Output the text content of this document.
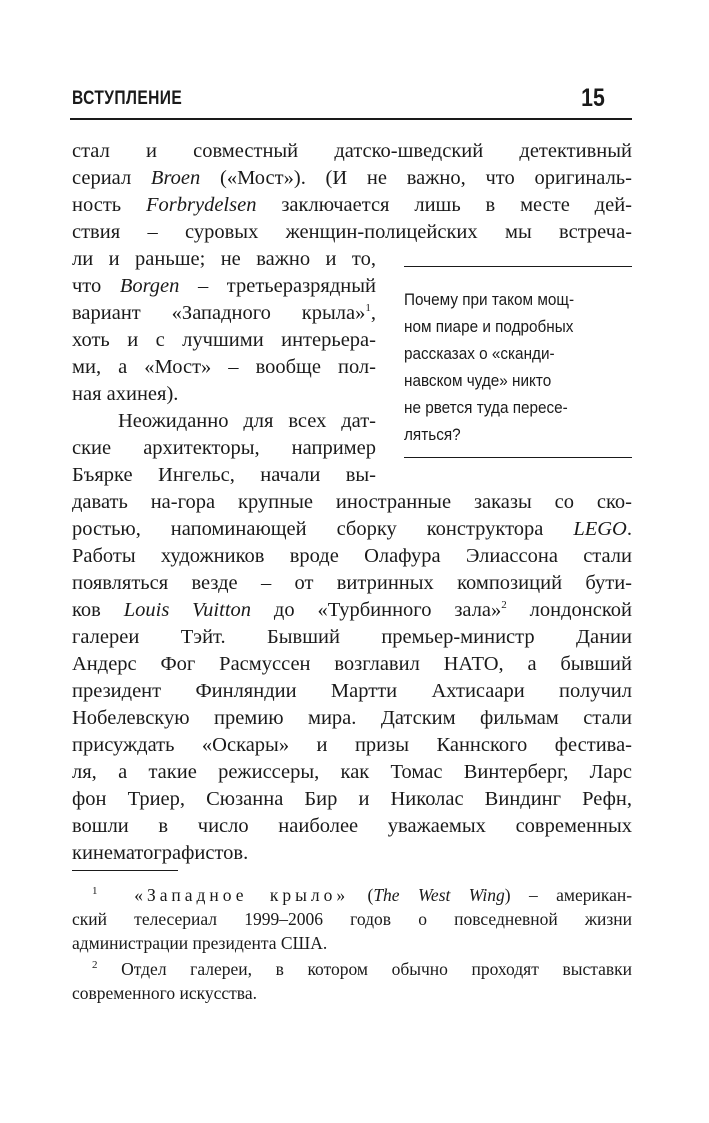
ВСТУПЛЕНИЕ	15
стал и совместный датско-шведский детективный
сериал Broen («Мост»). (И не важно, что оригиналь-
ность Forbrydelsen заключается лишь в месте дей-
ствия – суровых женщин-полицейских мы встреча-
ли и раньше; не важно и то,
что Borgen – третьеразрядный
вариант «Западного крыла»$^1$,
хоть и с лучшими интерьера-
ми, а «Мост» – вообще пол-
ная ахинея).
Неожиданно для всех дат-
ские архитекторы, например
Бъярке Ингельс, начали вы-
давать на-гора крупные иностранные заказы со ско-
ростью, напоминающей сборку конструктора LEGO.
Работы художников вроде Олафура Элиассона стали
появляться везде – от витринных композиций бути-
ков Louis Vuitton до «Турбинного зала»$^2$ лондонской
галереи Тэйт. Бывший премьер-министр Дании
Андерс Фог Расмуссен возглавил НАТО, а бывший
президент Финляндии Мартти Ахтисаари получил
Нобелевскую премию мира. Датским фильмам стали
присуждать «Оскары» и призы Каннского фестива-
ля, а такие режиссеры, как Томас Винтерберг, Ларс
фон Триер, Сюзанна Бир и Николас Виндинг Рефн,
вошли в число наиболее уважаемых современных
кинематографистов.
Почему при таком мощ-
ном пиаре и подробных
рассказах о «сканди-
навском чуде» никто
не рвется туда пересе-
ляться?
$^1$ «Западное крыло» (The West Wing) – американ-
ский телесериал 1999–2006 годов о повседневной жизни
администрации президента США.
$^2$ Отдел галереи, в котором обычно проходят выставки
современного искусства.
